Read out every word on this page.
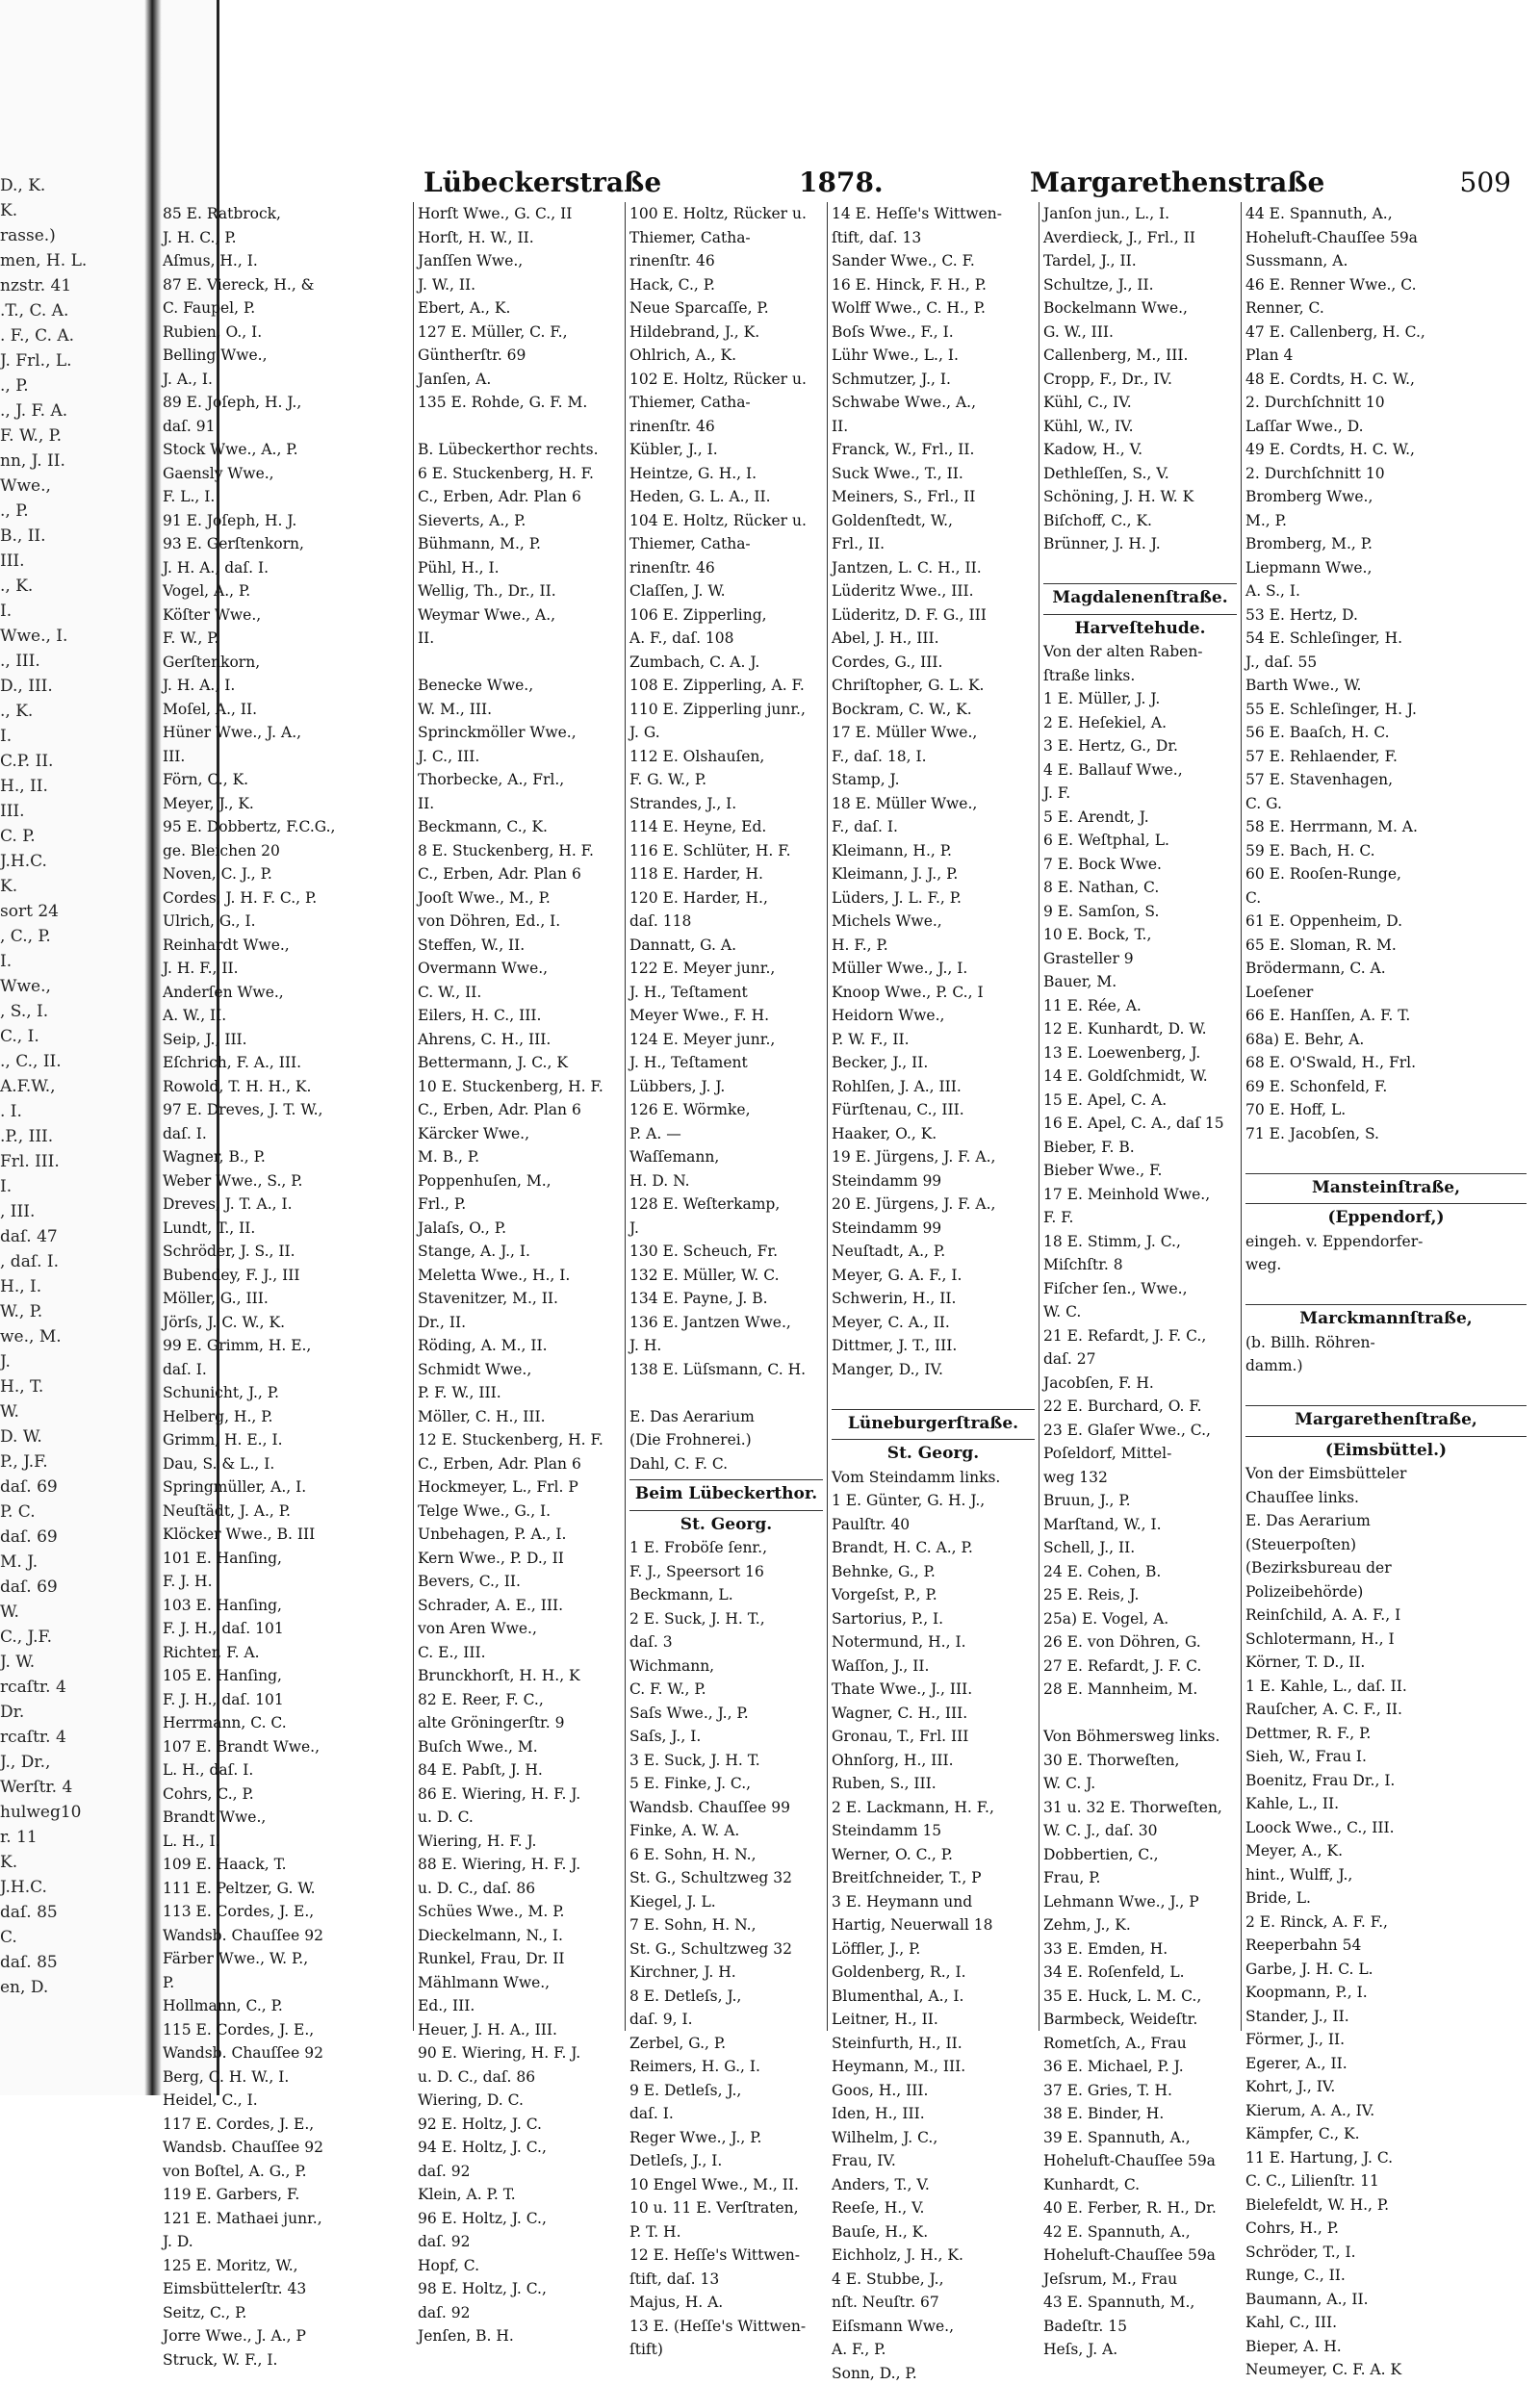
D., K.
K.
rasse.)
men, H. L.
nzstr. 41
.T., C. A.
. F., C. A.
J. Frl., L.
., P.
., J. F. A.
F. W., P.
nn, J. II.
Wwe.,
., P.
B., II.
III.
., K.
I.
Wwe., I.
., III.
D., III.
., K.
I.
C.P. II.
H., II.
III.
C. P.
J.H.C.
K.
sort 24
, C., P.
I.
Wwe.,
, S., I.
C., I.
., C., II.
A.F.W.,
. I.
.P., III.
Frl. III.
I.
, III.
daſ. 47
, daſ. I.
H., I.
W., P.
we., M.
J.
H., T.
W.
D. W.
P., J.F.
daſ. 69
P. C.
daſ. 69
M. J.
daſ. 69
W.
C., J.F.
J. W.
rcaſtr. 4
Dr.
rcaſtr. 4
J., Dr.,
Werſtr. 4
hulweg10
r. 11
K.
J.H.C.
daſ. 85
C.
daſ. 85
en, D.
Lübeckerstraße	1878.	Margarethenstraße	509
85 E. Ratbrock,
J. H. C., P.
Aſmus, H., I.
87 E. Viereck, H., &
C. Faupel, P.
Rubien, O., I.
Belling Wwe.,
J. A., I.
89 E. Joſeph, H. J.,
daſ. 91
Stock Wwe., A., P.
Gaensly Wwe.,
F. L., I.
91 E. Joſeph, H. J.
93 E. Gerſtenkorn,
J. H. A., daſ. I.
Vogel, A., P.
Köſter Wwe.,
F. W., P.
Gerſtenkorn,
J. H. A., I.
Moſel, A., II.
Hüner Wwe., J. A.,
III.
Förn, C., K.
Meyer, J., K.
95 E. Dobbertz, F.C.G.,
ge. Bleichen 20
Noven, C. J., P.
Cordes, J. H. F. C., P.
Ulrich, G., I.
Reinhardt Wwe.,
J. H. F., II.
Anderſen Wwe.,
A. W., II.
Seip, J., III.
Eſchrich, F. A., III.
Rowold, T. H. H., K.
97 E. Dreves, J. T. W.,
daſ. I.
Wagner, B., P.
Weber Wwe., S., P.
Dreves, J. T. A., I.
Lundt, T., II.
Schröder, J. S., II.
Bubendey, F. J., III
Möller, G., III.
Jörſs, J. C. W., K.
99 E. Grimm, H. E.,
daſ. I.
Schunicht, J., P.
Helberg, H., P.
Grimm, H. E., I.
Dau, S. & L., I.
Springmüller, A., I.
Neuſtädt, J. A., P.
Klöcker Wwe., B. III
101 E. Hanſing,
F. J. H.
103 E. Hanſing,
F. J. H., daſ. 101
Richter, F. A.
105 E. Hanſing,
F. J. H., daſ. 101
Herrmann, C. C.
107 E. Brandt Wwe.,
L. H., daſ. I.
Cohrs, C., P.
Brandt Wwe.,
L. H., I.
109 E. Haack, T.
111 E. Peltzer, G. W.
113 E. Cordes, J. E.,
Wandsb. Chauſſee 92
Färber Wwe., W. P.,
P.
Hollmann, C., P.
115 E. Cordes, J. E.,
Wandsb. Chauſſee 92
Berg, C. H. W., I.
Heidel, C., I.
117 E. Cordes, J. E.,
Wandsb. Chauſſee 92
von Boſtel, A. G., P.
119 E. Garbers, F.
121 E. Mathaei junr.,
J. D.
125 E. Moritz, W.,
Eimsbüttelerſtr. 43
Seitz, C., P.
Jorre Wwe., J. A., P
Struck, W. F., I.
Horſt Wwe., G. C., II
Horſt, H. W., II.
Janſſen Wwe.,
J. W., II.
Ebert, A., K.
127 E. Müller, C. F.,
Güntherſtr. 69
Janſen, A.
135 E. Rohde, G. F. M.

B. Lübeckerthor rechts.
6 E. Stuckenberg, H. F.
C., Erben, Adr. Plan 6
Sieverts, A., P.
Bühmann, M., P.
Pühl, H., I.
Wellig, Th., Dr., II.
Weymar Wwe., A.,
II.

Benecke Wwe.,
W. M., III.
Sprinckmöller Wwe.,
J. C., III.
Thorbecke, A., Frl.,
II.
Beckmann, C., K.
8 E. Stuckenberg, H. F.
C., Erben, Adr. Plan 6
Jooſt Wwe., M., P.
von Döhren, Ed., I.
Steffen, W., II.
Overmann Wwe.,
C. W., II.
Eilers, H. C., III.
Ahrens, C. H., III.
Bettermann, J. C., K
10 E. Stuckenberg, H. F.
C., Erben, Adr. Plan 6
Kärcker Wwe.,
M. B., P.
Poppenhuſen, M.,
Frl., P.
Jalaſs, O., P.
Stange, A. J., I.
Meletta Wwe., H., I.
Stavenitzer, M., II.
Dr., II.
Röding, A. M., II.
Schmidt Wwe.,
P. F. W., III.
Möller, C. H., III.
12 E. Stuckenberg, H. F.
C., Erben, Adr. Plan 6
Hockmeyer, L., Frl. P
Telge Wwe., G., I.
Unbehagen, P. A., I.
Kern Wwe., P. D., II
Bevers, C., II.
Schrader, A. E., III.
von Aren Wwe.,
C. E., III.
Brunckhorſt, H. H., K
82 E. Reer, F. C.,
alte Gröningerſtr. 9
Buſch Wwe., M.
84 E. Pabſt, J. H.
86 E. Wiering, H. F. J.
u. D. C.
Wiering, H. F. J.
88 E. Wiering, H. F. J.
u. D. C., daſ. 86
Schües Wwe., M. P.
Dieckelmann, N., I.
Runkel, Frau, Dr. II
Mählmann Wwe.,
Ed., III.
Heuer, J. H. A., III.
90 E. Wiering, H. F. J.
u. D. C., daſ. 86
Wiering, D. C.
92 E. Holtz, J. C.
94 E. Holtz, J. C.,
daſ. 92
Klein, A. P. T.
96 E. Holtz, J. C.,
daſ. 92
Hopf, C.
98 E. Holtz, J. C.,
daſ. 92
Jenſen, B. H.
100 E. Holtz, Rücker u.
Thiemer, Catha-
rinenſtr. 46
Hack, C., P.
Neue Sparcaſſe, P.
Hildebrand, J., K.
Ohlrich, A., K.
102 E. Holtz, Rücker u.
Thiemer, Catha-
rinenſtr. 46
Kübler, J., I.
Heintze, G. H., I.
Heden, G. L. A., II.
104 E. Holtz, Rücker u.
Thiemer, Catha-
rinenſtr. 46
Claſſen, J. W.
106 E. Zipperling,
A. F., daſ. 108
Zumbach, C. A. J.
108 E. Zipperling, A. F.
110 E. Zipperling junr.,
J. G.
112 E. Olshauſen,
F. G. W., P.
Strandes, J., I.
114 E. Heyne, Ed.
116 E. Schlüter, H. F.
118 E. Harder, H.
120 E. Harder, H.,
daſ. 118
Dannatt, G. A.
122 E. Meyer junr.,
J. H., Teſtament
Meyer Wwe., F. H.
124 E. Meyer junr.,
J. H., Teſtament
Lübbers, J. J.
126 E. Wörmke,
P. A. —
Waſſemann,
H. D. N.
128 E. Weſterkamp,
J.
130 E. Scheuch, Fr.
132 E. Müller, W. C.
134 E. Payne, J. B.
136 E. Jantzen Wwe.,
J. H.
138 E. Lüſsmann, C. H.

E. Das Aerarium
(Die Frohnerei.)
Dahl, C. F. C.
Beim Lübeckerthor.
St. Georg.
1 E. Froböſe ſenr.,
F. J., Speersort 16
Beckmann, L.
2 E. Suck, J. H. T.,
daſ. 3
Wichmann,
C. F. W., P.
Saſs Wwe., J., P.
Saſs, J., I.
3 E. Suck, J. H. T.
5 E. Finke, J. C.,
Wandsb. Chauſſee 99
Finke, A. W. A.
6 E. Sohn, H. N.,
St. G., Schultzweg 32
Kiegel, J. L.
7 E. Sohn, H. N.,
St. G., Schultzweg 32
Kirchner, J. H.
8 E. Detleſs, J.,
daſ. 9, I.
Zerbel, G., P.
Reimers, H. G., I.
9 E. Detleſs, J.,
daſ. I.
Reger Wwe., J., P.
Detleſs, J., I.
10 Engel Wwe., M., II.
10 u. 11 E. Verſtraten,
P. T. H.
12 E. Heſſe's Wittwen-
ſtift, daſ. 13
Majus, H. A.
13 E. (Heſſe's Wittwen-
ſtift)
14 E. Heſſe's Wittwen-
ſtift, daſ. 13
Sander Wwe., C. F.
16 E. Hinck, F. H., P.
Wolff Wwe., C. H., P.
Boſs Wwe., F., I.
Lühr Wwe., L., I.
Schmutzer, J., I.
Schwabe Wwe., A.,
II.
Franck, W., Frl., II.
Suck Wwe., T., II.
Meiners, S., Frl., II
Goldenſtedt, W.,
Frl., II.
Jantzen, L. C. H., II.
Lüderitz Wwe., III.
Lüderitz, D. F. G., III
Abel, J. H., III.
Cordes, G., III.
Chriſtopher, G. L. K.
Bockram, C. W., K.
17 E. Müller Wwe.,
F., daſ. 18, I.
Stamp, J.
18 E. Müller Wwe.,
F., daſ. I.
Kleimann, H., P.
Kleimann, J. J., P.
Lüders, J. L. F., P.
Michels Wwe.,
H. F., P.
Müller Wwe., J., I.
Knoop Wwe., P. C., I
Heidorn Wwe.,
P. W. F., II.
Becker, J., II.
Rohlſen, J. A., III.
Fürſtenau, C., III.
Haaker, O., K.
19 E. Jürgens, J. F. A.,
Steindamm 99
20 E. Jürgens, J. F. A.,
Steindamm 99
Neuſtadt, A., P.
Meyer, G. A. F., I.
Schwerin, H., II.
Meyer, C. A., II.
Dittmer, J. T., III.
Manger, D., IV.

Lüneburgerſtraße.
St. Georg.
Vom Steindamm links.
1 E. Günter, G. H. J.,
Paulſtr. 40
Brandt, H. C. A., P.
Behnke, G., P.
Vorgeſst, P., P.
Sartorius, P., I.
Notermund, H., I.
Waſſon, J., II.
Thate Wwe., J., III.
Wagner, C. H., III.
Gronau, T., Frl. III
Ohnſorg, H., III.
Ruben, S., III.
2 E. Lackmann, H. F.,
Steindamm 15
Werner, O. C., P.
Breitſchneider, T., P
3 E. Heymann und
Hartig, Neuerwall 18
Löffler, J., P.
Goldenberg, R., I.
Blumenthal, A., I.
Leitner, H., II.
Steinfurth, H., II.
Heymann, M., III.
Goos, H., III.
Iden, H., III.
Wilhelm, J. C.,
Frau, IV.
Anders, T., V.
Reeſe, H., V.
Bauſe, H., K.
Eichholz, J. H., K.
4 E. Stubbe, J.,
nſt. Neuſtr. 67
Eiſsmann Wwe.,
A. F., P.
Sonn, D., P.
Janſon jun., L., I.
Averdieck, J., Frl., II
Tardel, J., II.
Schultze, J., II.
Bockelmann Wwe.,
G. W., III.
Callenberg, M., III.
Cropp, F., Dr., IV.
Kühl, C., IV.
Kühl, W., IV.
Kadow, H., V.
Dethleſſen, S., V.
Schöning, J. H. W. K
Biſchoff, C., K.
Brünner, J. H. J.

Magdalenenſtraße.
Harveſtehude.
Von der alten Raben-
ſtraße links.
1 E. Müller, J. J.
2 E. Heſekiel, A.
3 E. Hertz, G., Dr.
4 E. Ballauf Wwe.,
J. F.
5 E. Arendt, J.
6 E. Weſtphal, L.
7 E. Bock Wwe.
8 E. Nathan, C.
9 E. Samſon, S.
10 E. Bock, T.,
Grasteller 9
Bauer, M.
11 E. Rée, A.
12 E. Kunhardt, D. W.
13 E. Loewenberg, J.
14 E. Goldſchmidt, W.
15 E. Apel, C. A.
16 E. Apel, C. A., daſ 15
Bieber, F. B.
Bieber Wwe., F.
17 E. Meinhold Wwe.,
F. F.
18 E. Stimm, J. C.,
Miſchſtr. 8
Fiſcher ſen., Wwe.,
W. C.
21 E. Refardt, J. F. C.,
daſ. 27
Jacobſen, F. H.
22 E. Burchard, O. F.
23 E. Glaſer Wwe., C.,
Poſeldorf, Mittel-
weg 132
Bruun, J., P.
Marſtand, W., I.
Schell, J., II.
24 E. Cohen, B.
25 E. Reis, J.
25a) E. Vogel, A.
26 E. von Döhren, G.
27 E. Refardt, J. F. C.
28 E. Mannheim, M.

Von Böhmersweg links.
30 E. Thorweſten,
W. C. J.
31 u. 32 E. Thorweſten,
W. C. J., daſ. 30
Dobbertien, C.,
Frau, P.
Lehmann Wwe., J., P
Zehm, J., K.
33 E. Emden, H.
34 E. Roſenfeld, L.
35 E. Huck, L. M. C.,
Barmbeck, Weideſtr.
Rometſch, A., Frau
36 E. Michael, P. J.
37 E. Gries, T. H.
38 E. Binder, H.
39 E. Spannuth, A.,
Hoheluft-Chauſſee 59a
Kunhardt, C.
40 E. Ferber, R. H., Dr.
42 E. Spannuth, A.,
Hoheluft-Chauſſee 59a
Jeſsrum, M., Frau
43 E. Spannuth, M.,
Badeſtr. 15
Heſs, J. A.
44 E. Spannuth, A.,
Hoheluft-Chauſſee 59a
Sussmann, A.
46 E. Renner Wwe., C.
Renner, C.
47 E. Callenberg, H. C.,
Plan 4
48 E. Cordts, H. C. W.,
2. Durchſchnitt 10
Laſſar Wwe., D.
49 E. Cordts, H. C. W.,
2. Durchſchnitt 10
Bromberg Wwe.,
M., P.
Bromberg, M., P.
Liepmann Wwe.,
A. S., I.
53 E. Hertz, D.
54 E. Schleſinger, H.
J., daſ. 55
Barth Wwe., W.
55 E. Schleſinger, H. J.
56 E. Baaſch, H. C.
57 E. Rehlaender, F.
57 E. Stavenhagen,
C. G.
58 E. Herrmann, M. A.
59 E. Bach, H. C.
60 E. Rooſen-Runge,
C.
61 E. Oppenheim, D.
65 E. Sloman, R. M.
Brödermann, C. A.
Loeſener
66 E. Hanſſen, A. F. T.
68a) E. Behr, A.
68 E. O'Swald, H., Frl.
69 E. Schonfeld, F.
70 E. Hoff, L.
71 E. Jacobſen, S.

Mansteinſtraße,
(Eppendorf,)
eingeh. v. Eppendorfer-
weg.

Marckmannſtraße,
(b. Billh. Röhren-
damm.)

Margarethenſtraße,
(Eimsbüttel.)
Von der Eimsbütteler
Chauſſee links.
E. Das Aerarium
(Steuerpoſten)
(Bezirksbureau der
Polizeibehörde)
Reinſchild, A. A. F., I
Schlotermann, H., I
Körner, T. D., II.
1 E. Kahle, L., daſ. II.
Rauſcher, A. C. F., II.
Dettmer, R. F., P.
Sieh, W., Frau I.
Boenitz, Frau Dr., I.
Kahle, L., II.
Loock Wwe., C., III.
Meyer, A., K.
hint., Wulff, J.,
Bride, L.
2 E. Rinck, A. F. F.,
Reeperbahn 54
Garbe, J. H. C. L.
Koopmann, P., I.
Stander, J., II.
Förmer, J., II.
Egerer, A., II.
Kohrt, J., IV.
Kierum, A. A., IV.
Kämpfer, C., K.
11 E. Hartung, J. C.
C. C., Lilienſtr. 11
Bielefeldt, W. H., P.
Cohrs, H., P.
Schröder, T., I.
Runge, C., II.
Baumann, A., II.
Kahl, C., III.
Bieper, A. H.
Neumeyer, C. F. A. K
